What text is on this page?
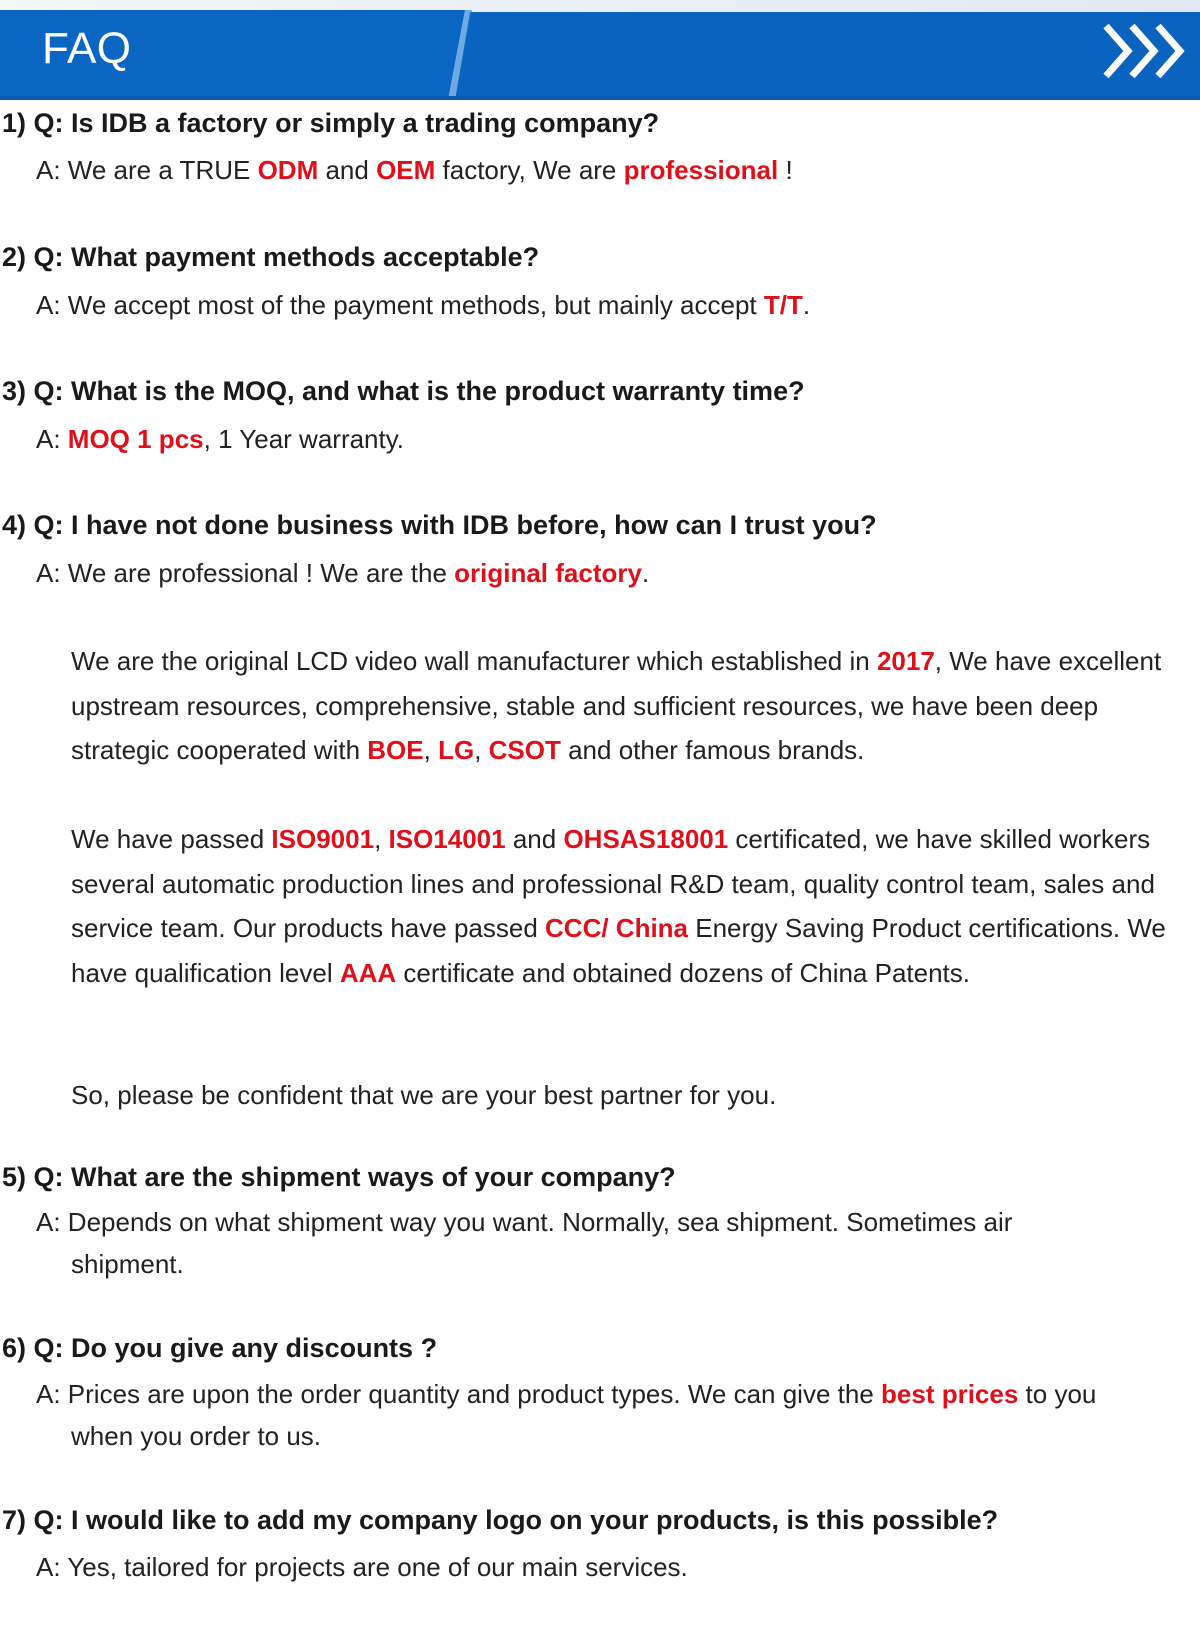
FAQ
1) Q: Is IDB a factory or simply a trading company?
A: We are a TRUE ODM and OEM factory, We are professional !
2) Q: What payment methods acceptable?
A: We accept most of the payment methods, but mainly accept T/T.
3) Q: What is the MOQ, and what is the product warranty time?
A: MOQ 1 pcs, 1 Year warranty.
4) Q: I have not done business with IDB before, how can I trust you?
A: We are professional ! We are the original factory.
We are the original LCD video wall manufacturer which established in 2017, We have excellent upstream resources, comprehensive, stable and sufficient resources, we have been deep strategic cooperated with BOE, LG, CSOT and other famous brands.
We have passed ISO9001, ISO14001 and OHSAS18001 certificated, we have skilled workers several automatic production lines and professional R&D team, quality control team, sales and service team. Our products have passed CCC/ China Energy Saving Product certifications. We have qualification level AAA certificate and obtained dozens of China Patents.
So, please be confident that we are your best partner for you.
5) Q: What are the shipment ways of your company?
A: Depends on what shipment way you want. Normally, sea shipment. Sometimes air
shipment.
6) Q: Do you give any discounts ?
A: Prices are upon the order quantity and product types. We can give the best prices to you
when you order to us.
7) Q: I would like to add my company logo on your products, is this possible?
A: Yes, tailored for projects are one of our main services.
